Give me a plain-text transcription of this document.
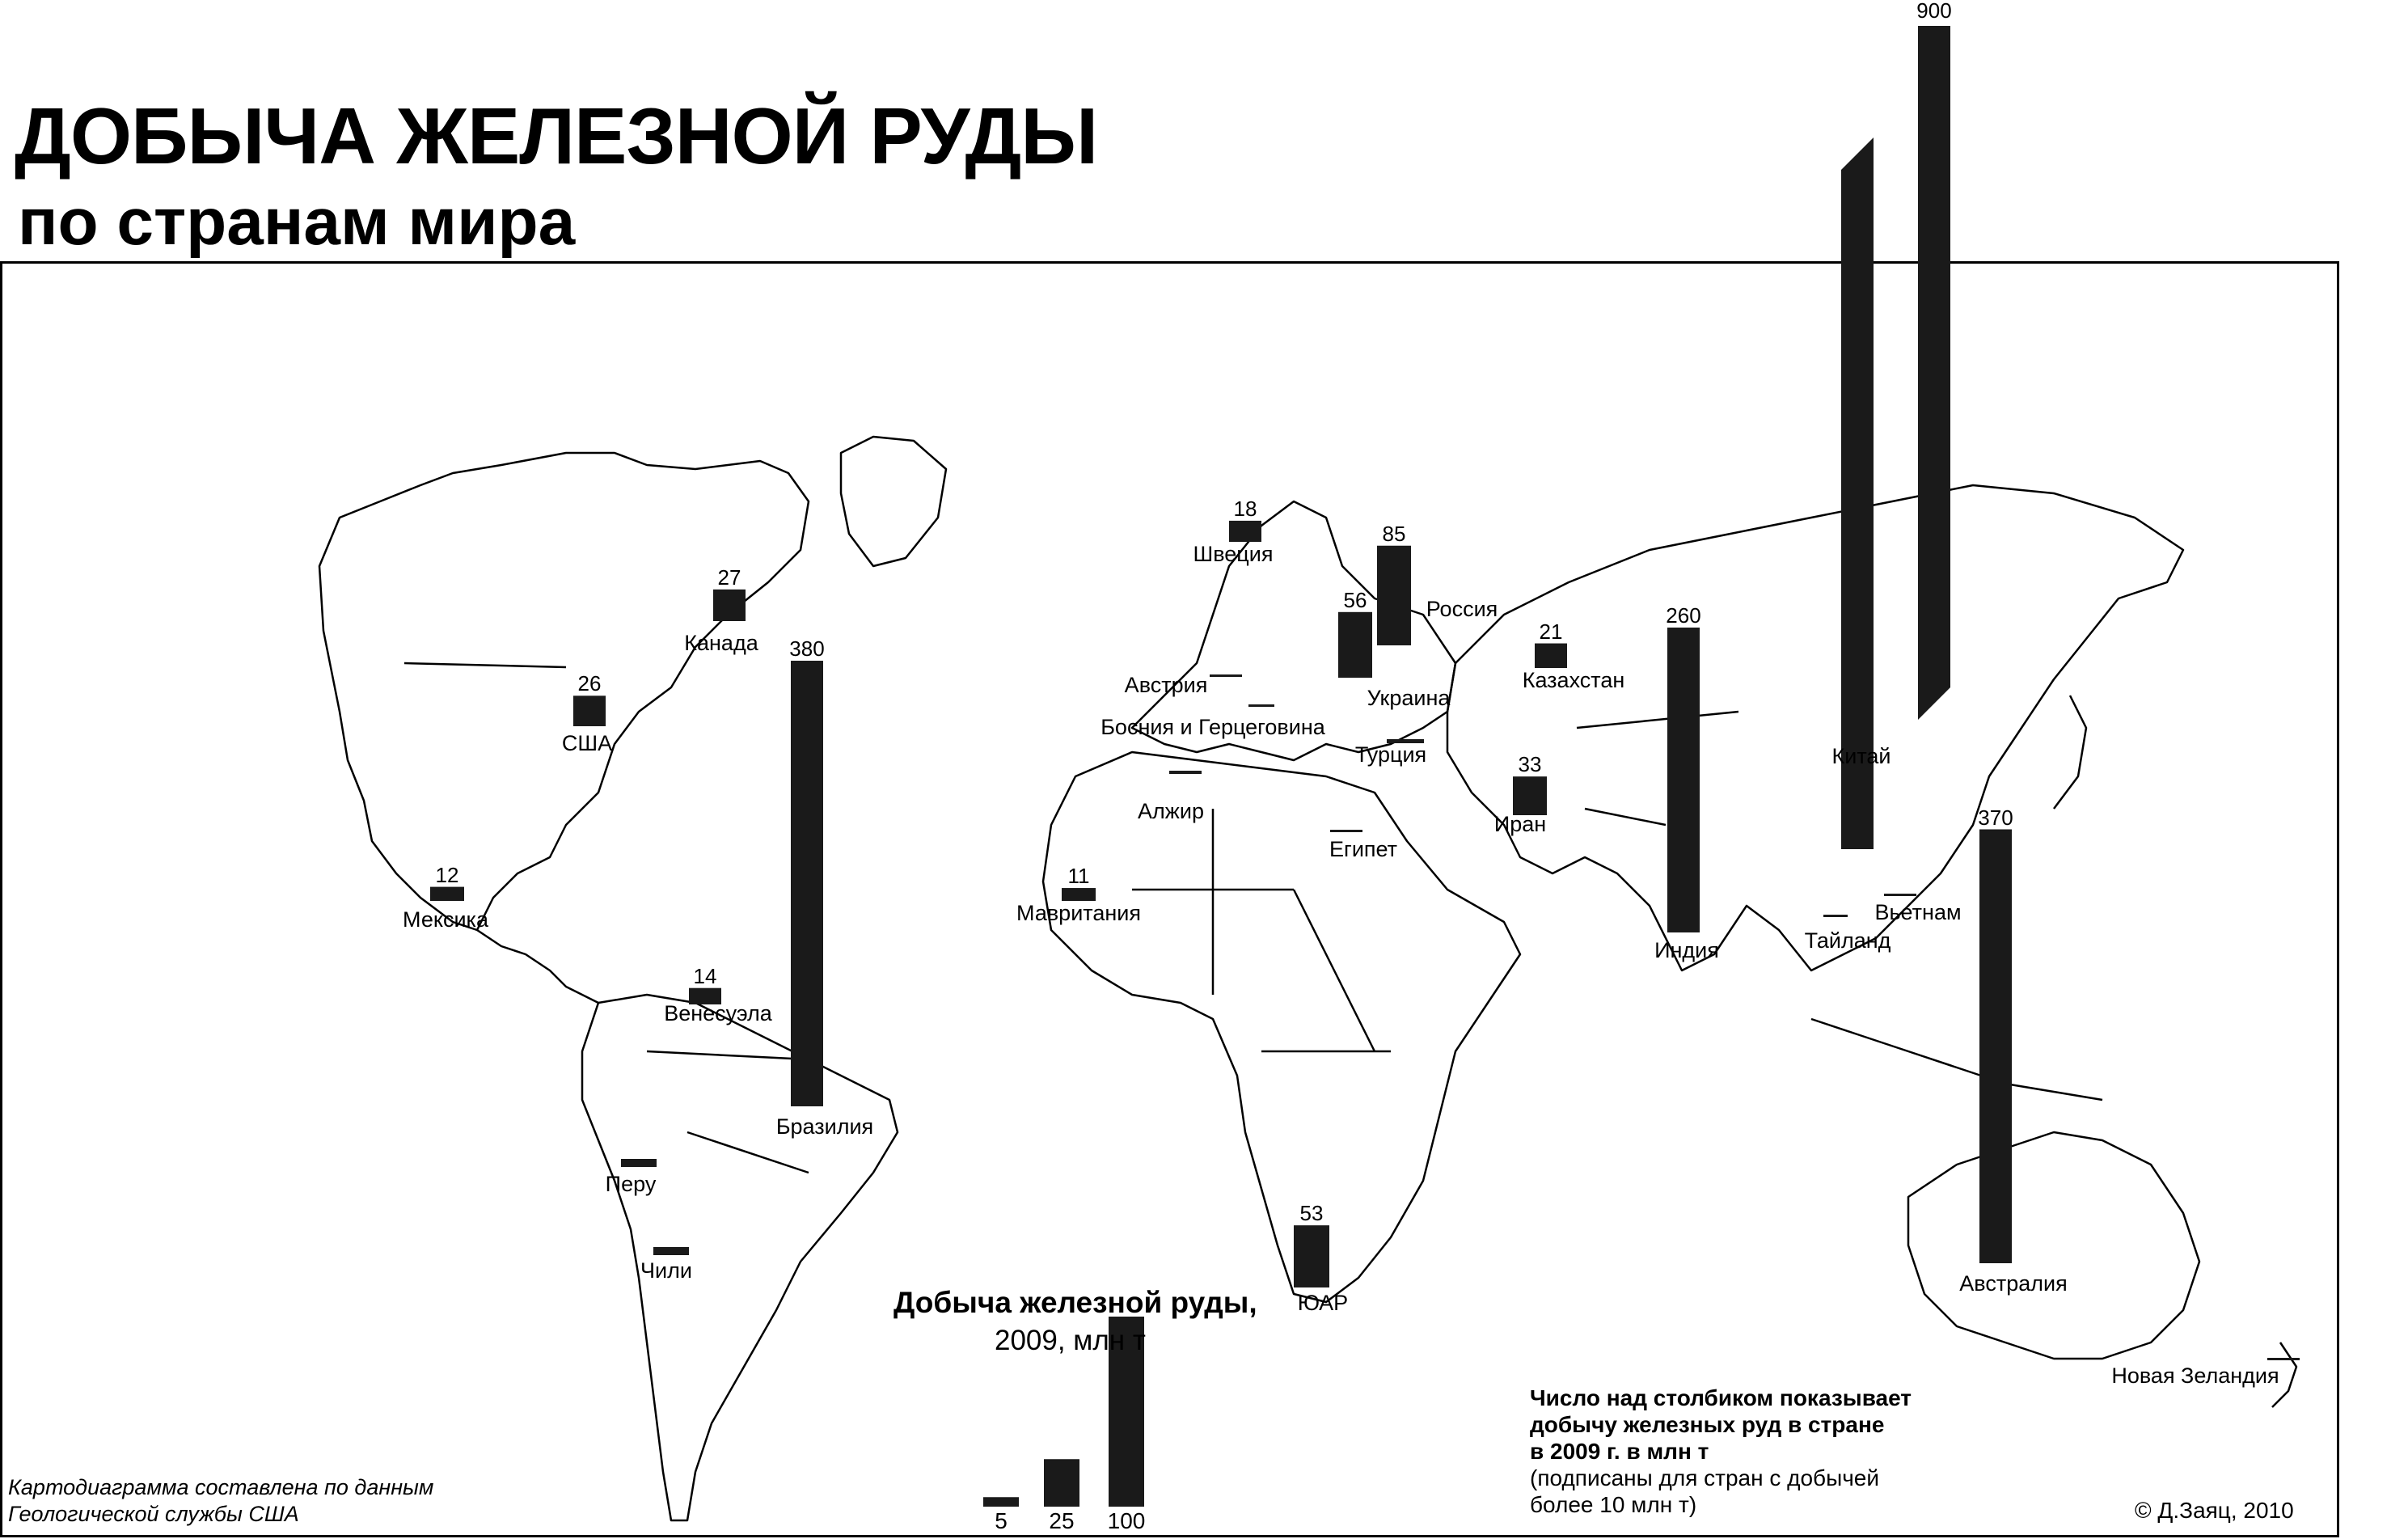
ДОБЫЧА ЖЕЛЕЗНОЙ РУДЫ
по странам мира
900
Китай
380
Бразилия
370
Австралия
260
Индия
85
Россия
56
Украина
53
ЮАР
33
Иран
27
Канада
26
США
21
Казахстан
18
Швеция
12
Мексика
11
Мавритания
14
Венесуэла
Перу
Чили
Турция
Алжир
Египет
Австрия
Босния и Герцеговина
Вьетнам
Тайланд
Новая Зеландия
Добыча железной руды,
2009, млн т
5 25 100
Число над столбиком показывает
добычу железных руд в стране
в 2009 г. в млн т
(подписаны для стран с добычей
более 10 млн т)
Картодиаграмма составлена по данным
Геологической службы США	© Д.Заяц, 2010
